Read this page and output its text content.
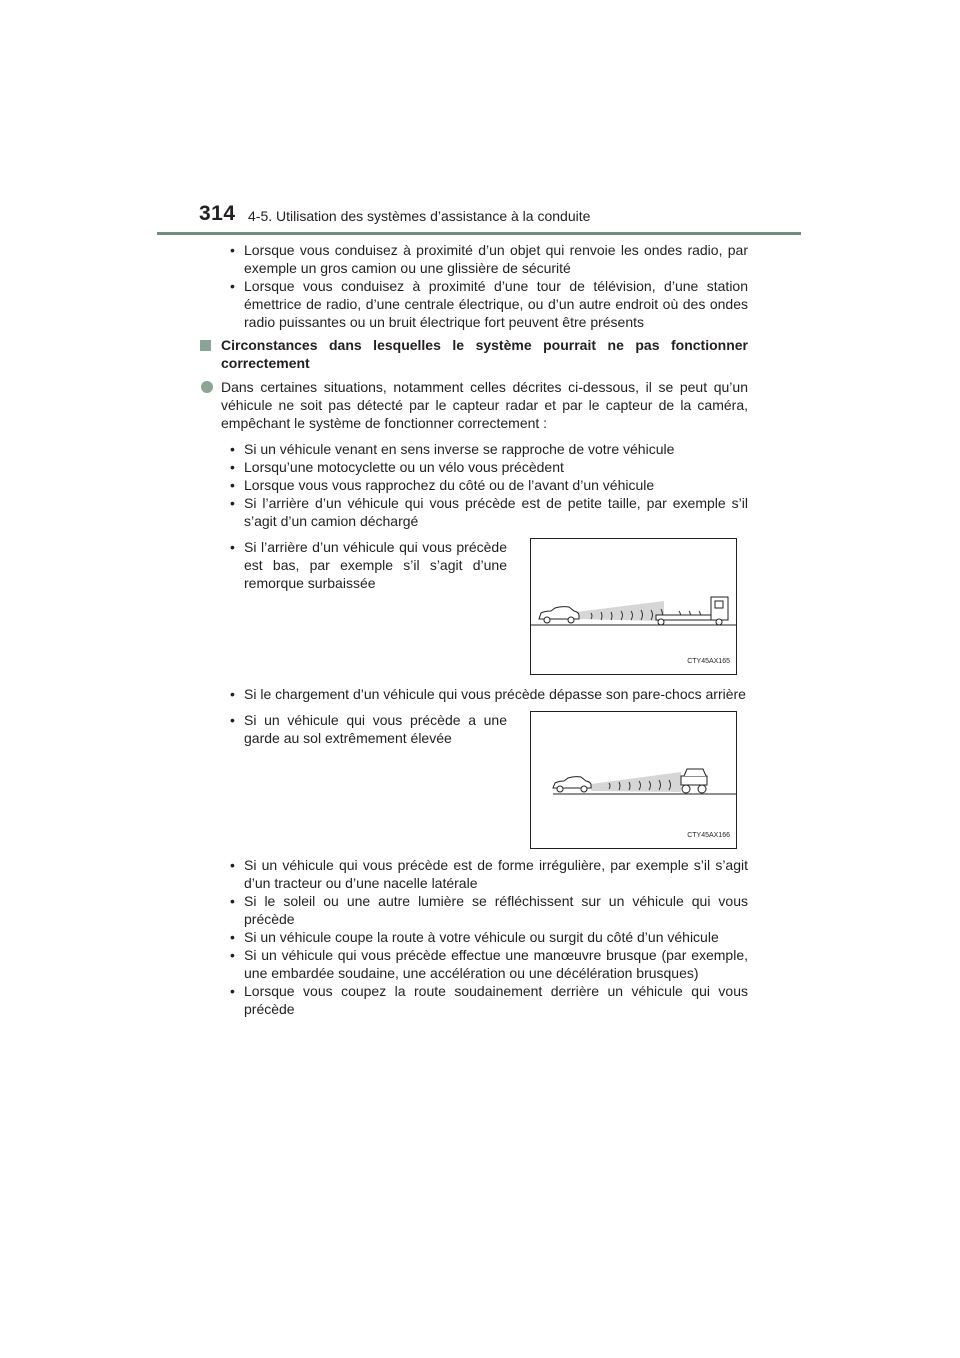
314 4-5. Utilisation des systèmes d’assistance à la conduite
• Lorsque vous conduisez à proximité d’un objet qui renvoie les ondes radio, par exemple un gros camion ou une glissière de sécurité
• Lorsque vous conduisez à proximité d’une tour de télévision, d’une station émettrice de radio, d’une centrale électrique, ou d’un autre endroit où des ondes radio puissantes ou un bruit électrique fort peuvent être présents
Circonstances dans lesquelles le système pourrait ne pas fonctionner correctement
Dans certaines situations, notamment celles décrites ci-dessous, il se peut qu’un véhicule ne soit pas détecté par le capteur radar et par le capteur de la caméra, empêchant le système de fonctionner correctement :
• Si un véhicule venant en sens inverse se rapproche de votre véhicule
• Lorsqu’une motocyclette ou un vélo vous précèdent
• Lorsque vous vous rapprochez du côté ou de l’avant d’un véhicule
• Si l’arrière d’un véhicule qui vous précède est de petite taille, par exemple s’il s’agit d’un camion déchargé
• Si l’arrière d’un véhicule qui vous précède est bas, par exemple s’il s’agit d’une remorque surbaissée
CTY45AX165
• Si le chargement d’un véhicule qui vous précède dépasse son pare-chocs arrière
• Si un véhicule qui vous précède a une garde au sol extrêmement élevée
CTY45AX166
• Si un véhicule qui vous précède est de forme irrégulière, par exemple s’il s’agit d’un tracteur ou d’une nacelle latérale
• Si le soleil ou une autre lumière se réfléchissent sur un véhicule qui vous précède
• Si un véhicule coupe la route à votre véhicule ou surgit du côté d’un véhicule
• Si un véhicule qui vous précède effectue une manœuvre brusque (par exemple, une embardée soudaine, une accélération ou une décélération brusques)
• Lorsque vous coupez la route soudainement derrière un véhicule qui vous précède
